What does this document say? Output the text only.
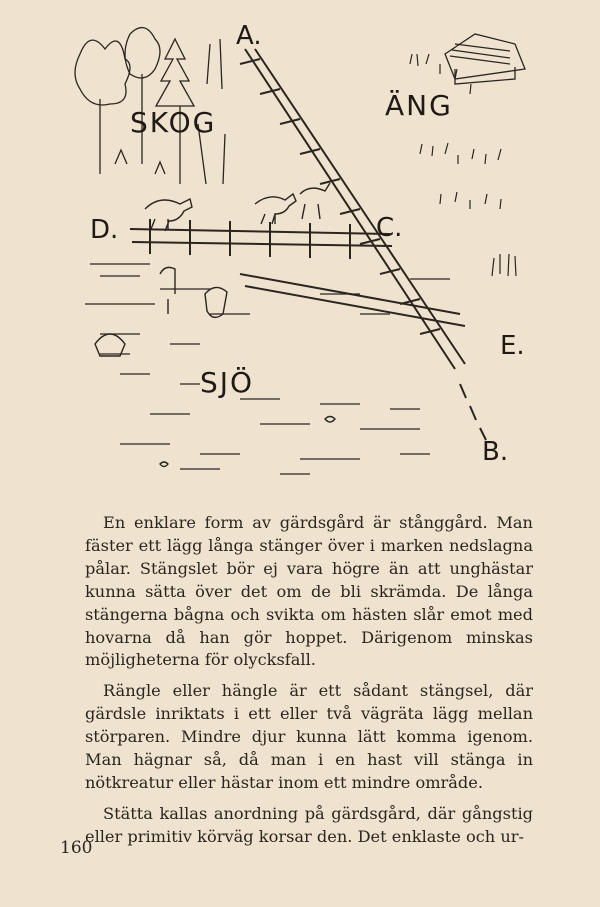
SKOG
ÄNG
SJÖ
A.
B.
C.
D.
E.

En enklare form av gärdsgård är stånggård. Man fäster ett lägg långa stänger över i marken nedslagna pålar. Stängslet bör ej vara högre än att unghästar kunna sätta över det om de bli skrämda. De långa stängerna bågna och svikta om hästen slår emot med hovarna då han gör hoppet. Därigenom minskas möjligheterna för olycksfall.

Rängle eller hängle är ett sådant stängsel, där gärdsle inriktats i ett eller två vägräta lägg mellan störparen. Mindre djur kunna lätt komma igenom. Man hägnar så, då man i en hast vill stänga in nötkreatur eller hästar inom ett mindre område.

Stätta kallas anordning på gärdsgård, där gångstig eller primitiv körväg korsar den. Det enklaste och ur-

160
